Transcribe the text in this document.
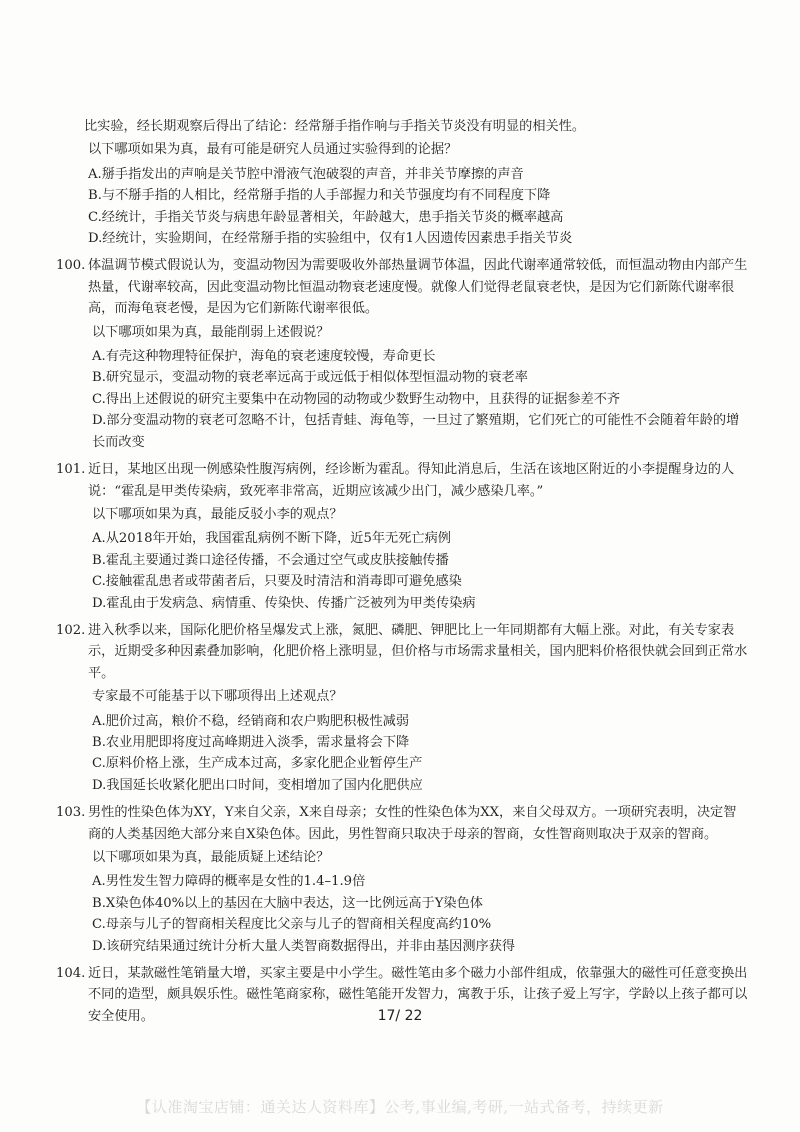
比实验，经长期观察后得出了结论：经常掰手指作响与手指关节炎没有明显的相关性。

以下哪项如果为真，最有可能是研究人员通过实验得到的论据？

A.掰手指发出的声响是关节腔中滑液气泡破裂的声音，并非关节摩擦的声音
B.与不掰手指的人相比，经常掰手指的人手部握力和关节强度均有不同程度下降
C.经统计，手指关节炎与病患年龄显著相关，年龄越大，患手指关节炎的概率越高
D.经统计，实验期间，在经常掰手指的实验组中，仅有1人因遗传因素患手指关节炎
100. 体温调节模式假说认为，变温动物因为需要吸收外部热量调节体温，因此代谢率通常较低，而恒温动物由内部产生热量，代谢率较高，因此变温动物比恒温动物衰老速度慢。就像人们觉得老鼠衰老快，是因为它们新陈代谢率很高，而海龟衰老慢，是因为它们新陈代谢率很低。

以下哪项如果为真，最能削弱上述假说？

A.有壳这种物理特征保护，海龟的衰老速度较慢，寿命更长
B.研究显示，变温动物的衰老率远高于或远低于相似体型恒温动物的衰老率
C.得出上述假说的研究主要集中在动物园的动物或少数野生动物中，且获得的证据参差不齐
D.部分变温动物的衰老可忽略不计，包括青蛙、海龟等，一旦过了繁殖期，它们死亡的可能性不会随着年龄的增长而改变
101. 近日，某地区出现一例感染性腹泻病例，经诊断为霍乱。得知此消息后，生活在该地区附近的小李提醒身边的人说：“霍乱是甲类传染病，致死率非常高，近期应该减少出门，减少感染几率。”

以下哪项如果为真，最能反驳小李的观点？

A.从2018年开始，我国霍乱病例不断下降，近5年无死亡病例
B.霍乱主要通过粪口途径传播，不会通过空气或皮肤接触传播
C.接触霍乱患者或带菌者后，只要及时清洁和消毒即可避免感染
D.霍乱由于发病急、病情重、传染快、传播广泛被列为甲类传染病
102. 进入秋季以来，国际化肥价格呈爆发式上涨，氮肥、磷肥、钾肥比上一年同期都有大幅上涨。对此，有关专家表示，近期受多种因素叠加影响，化肥价格上涨明显，但价格与市场需求量相关，国内肥料价格很快就会回到正常水平。

专家最不可能基于以下哪项得出上述观点？

A.肥价过高，粮价不稳，经销商和农户购肥积极性减弱
B.农业用肥即将度过高峰期进入淡季，需求量将会下降
C.原料价格上涨，生产成本过高，多家化肥企业暂停生产
D.我国延长收紧化肥出口时间，变相增加了国内化肥供应
103. 男性的性染色体为XY，Y来自父亲，X来自母亲；女性的性染色体为XX，来自父母双方。一项研究表明，决定智商的人类基因绝大部分来自X染色体。因此，男性智商只取决于母亲的智商，女性智商则取决于双亲的智商。

以下哪项如果为真，最能质疑上述结论？

A.男性发生智力障碍的概率是女性的1.4–1.9倍
B.X染色体40%以上的基因在大脑中表达，这一比例远高于Y染色体
C.母亲与儿子的智商相关程度比父亲与儿子的智商相关程度高约10%
D.该研究结果通过统计分析大量人类智商数据得出，并非由基因测序获得
104. 近日，某款磁性笔销量大增，买家主要是中小学生。磁性笔由多个磁力小部件组成，依靠强大的磁性可任意变换出不同的造型，颇具娱乐性。磁性笔商家称，磁性笔能开发智力，寓教于乐，让孩子爱上写字，学龄以上孩子都可以安全使用。	17/ 22
【认准淘宝店铺：通关达人资料库】公考,事业编,考研,一站式备考，持续更新
